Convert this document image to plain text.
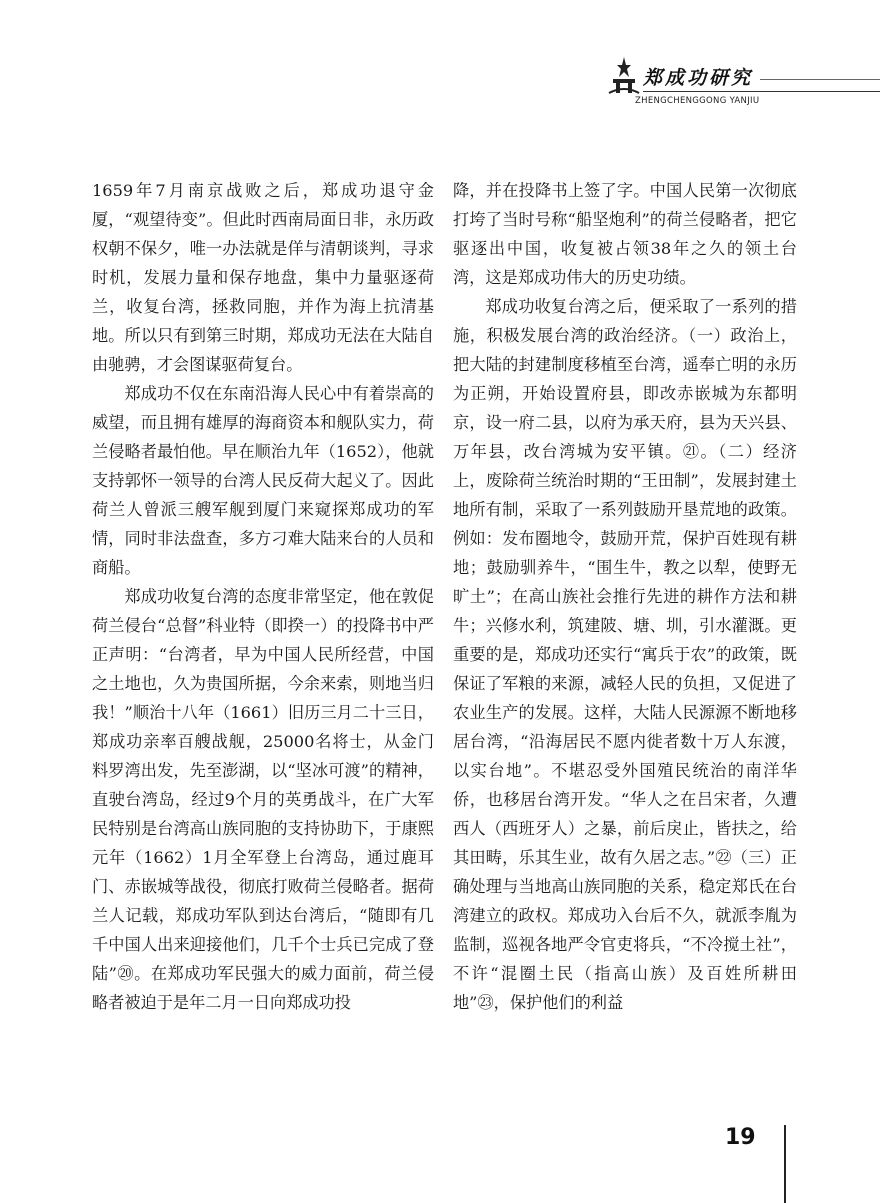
郑成功研究
ZHENGCHENGGONG YANJIU

1659年7月南京战败之后，郑成功退守金厦，“观望待变”。但此时西南局面日非，永历政权朝不保夕，唯一办法就是佯与清朝谈判，寻求时机，发展力量和保存地盘，集中力量驱逐荷兰，收复台湾，拯救同胞，并作为海上抗清基地。所以只有到第三时期，郑成功无法在大陆自由驰骋，才会图谋驱荷复台。

郑成功不仅在东南沿海人民心中有着崇高的威望，而且拥有雄厚的海商资本和舰队实力，荷兰侵略者最怕他。早在顺治九年（1652），他就支持郭怀一领导的台湾人民反荷大起义了。因此荷兰人曾派三艘军舰到厦门来窥探郑成功的军情，同时非法盘查，多方刁难大陆来台的人员和商船。

郑成功收复台湾的态度非常坚定，他在敦促荷兰侵台“总督”科业特（即揆一）的投降书中严正声明：“台湾者，早为中国人民所经营，中国之土地也，久为贵国所据，今余来索，则地当归我！”顺治十八年（1661）旧历三月二十三日，郑成功亲率百艘战舰，25000名将士，从金门料罗湾出发，先至澎湖，以“坚冰可渡”的精神，直驶台湾岛，经过9个月的英勇战斗，在广大军民特别是台湾高山族同胞的支持协助下，于康熙元年（1662）1月全军登上台湾岛，通过鹿耳门、赤嵌城等战役，彻底打败荷兰侵略者。据荷兰人记载，郑成功军队到达台湾后，“随即有几千中国人出来迎接他们，几千个士兵已完成了登陆”⑳。在郑成功军民强大的威力面前，荷兰侵略者被迫于是年二月一日向郑成功投

降，并在投降书上签了字。中国人民第一次彻底打垮了当时号称“船坚炮利”的荷兰侵略者，把它驱逐出中国，收复被占领38年之久的领土台湾，这是郑成功伟大的历史功绩。

郑成功收复台湾之后，便采取了一系列的措施，积极发展台湾的政治经济。（一）政治上，把大陆的封建制度移植至台湾，遥奉亡明的永历为正朔，开始设置府县，即改赤嵌城为东都明京，设一府二县，以府为承天府，县为天兴县、万年县，改台湾城为安平镇。㉑。（二）经济上，废除荷兰统治时期的“王田制”，发展封建土地所有制，采取了一系列鼓励开垦荒地的政策。例如：发布圈地令，鼓励开荒，保护百姓现有耕地；鼓励驯养牛，“围生牛，教之以犁，使野无旷土”；在高山族社会推行先进的耕作方法和耕牛；兴修水利，筑建陂、塘、圳，引水灌溉。更重要的是，郑成功还实行“寓兵于农”的政策，既保证了军粮的来源，减轻人民的负担，又促进了农业生产的发展。这样，大陆人民源源不断地移居台湾，“沿海居民不愿内徙者数十万人东渡，以实台地”。不堪忍受外国殖民统治的南洋华侨，也移居台湾开发。“华人之在吕宋者，久遭西人（西班牙人）之暴，前后戾止，皆扶之，给其田畴，乐其生业，故有久居之志。”㉒（三）正确处理与当地高山族同胞的关系，稳定郑氏在台湾建立的政权。郑成功入台后不久，就派李胤为监制，巡视各地严令官吏将兵，“不冷搅土社”，不许“混圈土民（指高山族）及百姓所耕田地”㉓，保护他们的利益

19
